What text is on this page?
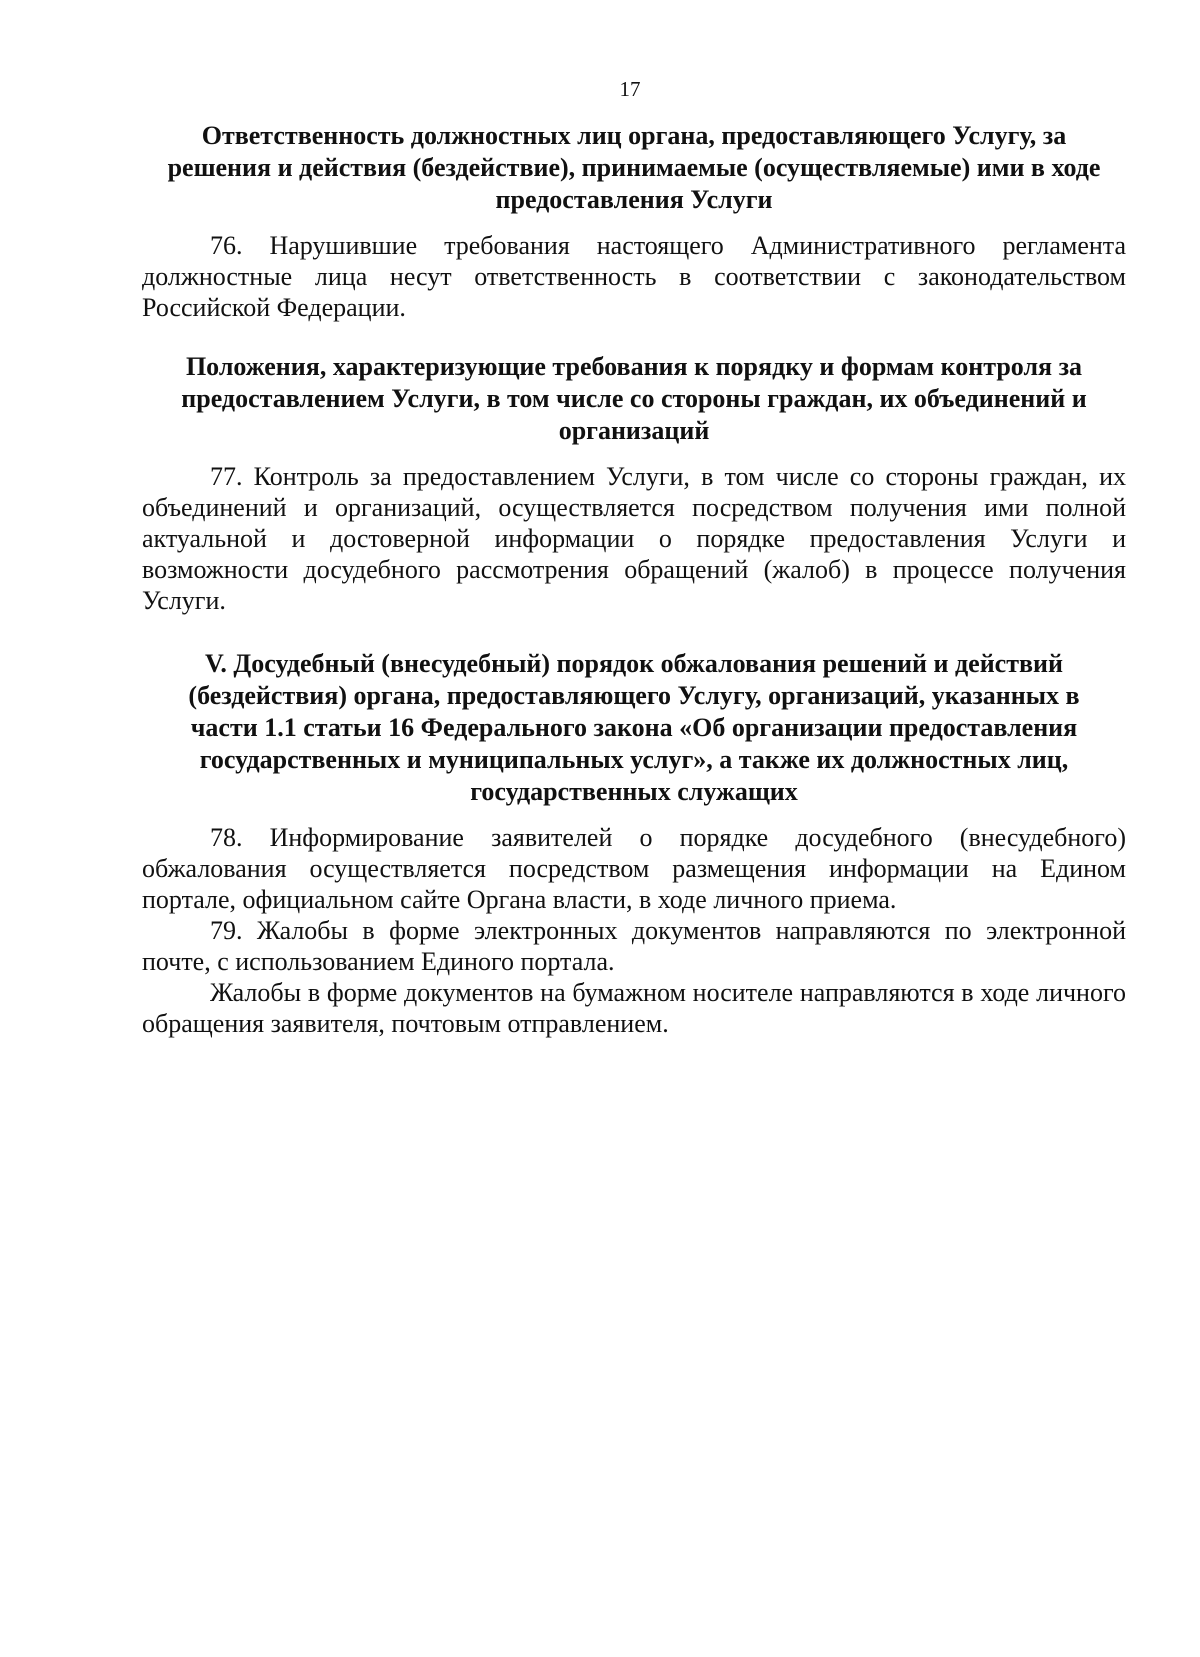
17
Ответственность должностных лиц органа, предоставляющего Услугу, за
решения и действия (бездействие), принимаемые (осуществляемые) ими в ходе
предоставления Услуги

76. Нарушившие требования настоящего Административного регламента должностные лица несут ответственность в соответствии с законодательством Российской Федерации.

Положения, характеризующие требования к порядку и формам контроля за
предоставлением Услуги, в том числе со стороны граждан, их объединений и
организаций

77. Контроль за предоставлением Услуги, в том числе со стороны граждан, их объединений и организаций, осуществляется посредством получения ими полной актуальной и достоверной информации о порядке предоставления Услуги и возможности досудебного рассмотрения обращений (жалоб) в процессе получения Услуги.

V. Досудебный (внесудебный) порядок обжалования решений и действий
(бездействия) органа, предоставляющего Услугу, организаций, указанных в
части 1.1 статьи 16 Федерального закона «Об организации предоставления
государственных и муниципальных услуг», а также их должностных лиц,
государственных служащих

78. Информирование заявителей о порядке досудебного (внесудебного) обжалования осуществляется посредством размещения информации на Едином портале, официальном сайте Органа власти, в ходе личного приема.

79. Жалобы в форме электронных документов направляются по электронной почте, с использованием Единого портала.

Жалобы в форме документов на бумажном носителе направляются в ходе личного обращения заявителя, почтовым отправлением.
